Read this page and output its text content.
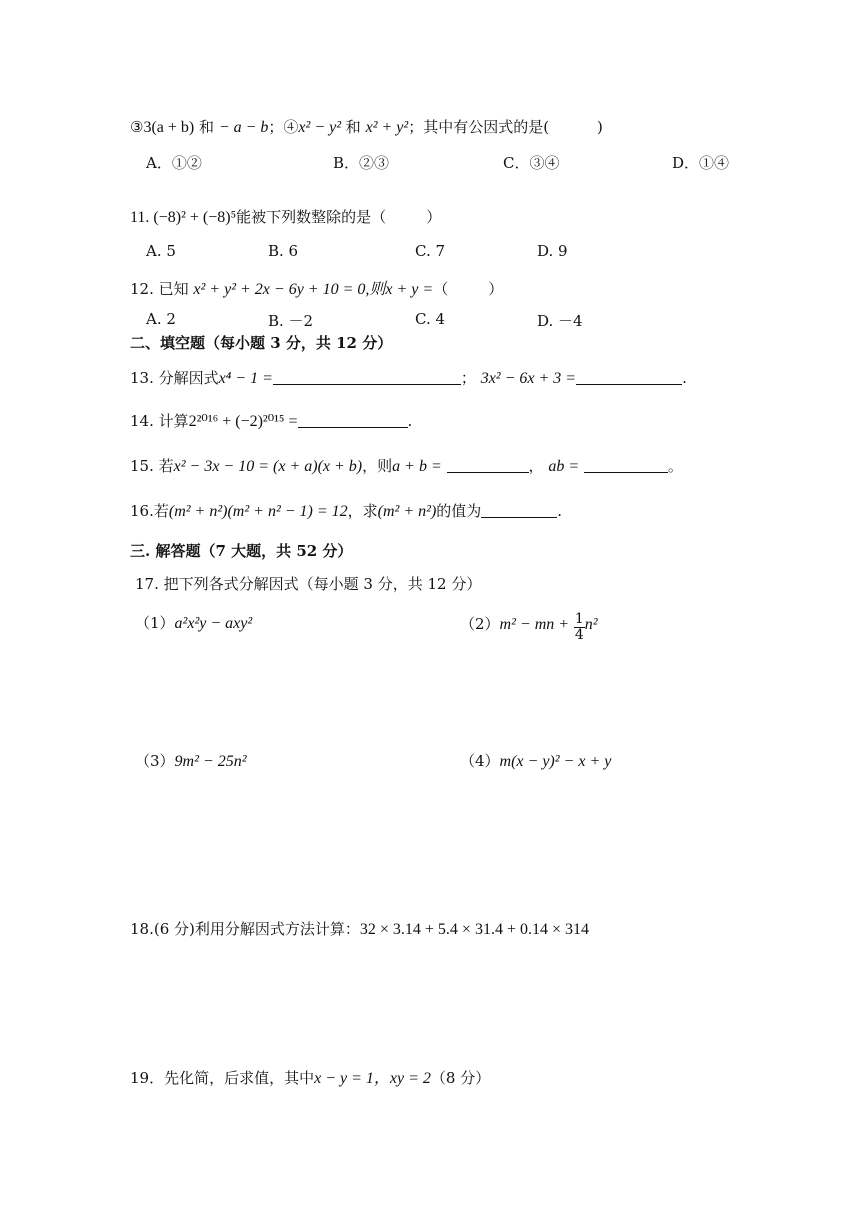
③3(a + b) 和 − a − b；④x² − y² 和 x² + y²；其中有公因式的是(	)
A．①②	B．②③	C．③④	D．①④
11. (−8)² + (−8)⁵能被下列数整除的是（	）
A. 5	B. 6	C. 7	D. 9
12. 已知 x² + y² + 2x − 6y + 10 = 0,则x + y =（	）
A. 2	B. －2	C. 4	D. －4
二、填空题（每小题 3 分，共 12 分）
13. 分解因式x⁴ − 1 =	； 3x² − 6x + 3 =	.
14. 计算2²⁰¹⁶ + (−2)²⁰¹⁵ =	.
15. 若x² − 3x − 10 = (x + a)(x + b)，则a + b =	， ab =	。
16.若(m² + n²)(m² + n² − 1) = 12，求(m² + n²)的值为	.
三. 解答题（7 大题，共 52 分）
17. 把下列各式分解因式（每小题 3 分，共 12 分）
（1）a²x²y − axy²	（2）m² − mn + $\frac{1}{4} n^2$
（3）9m² − 25n²	（4）m(x − y)² − x + y
18.(6 分)利用分解因式方法计算：32 × 3.14 + 5.4 × 31.4 + 0.14 × 314
19．先化简，后求值，其中x − y = 1，xy = 2（8 分）
